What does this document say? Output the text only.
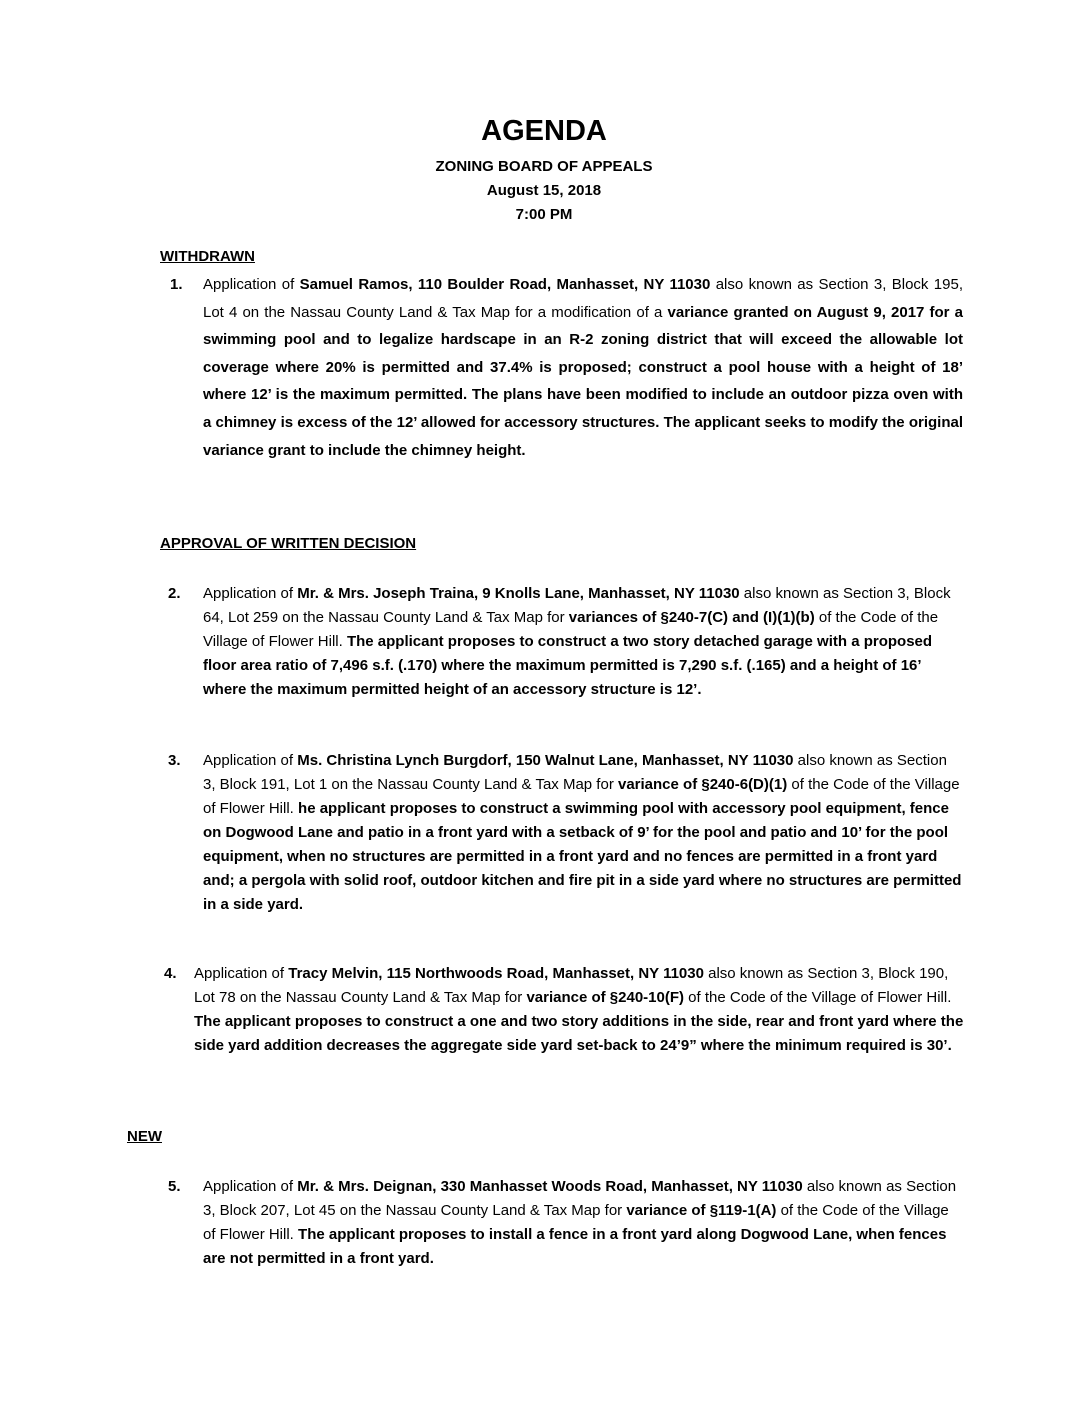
AGENDA
ZONING BOARD OF APPEALS
August 15, 2018
7:00 PM
WITHDRAWN
1. Application of Samuel Ramos, 110 Boulder Road, Manhasset, NY 11030 also known as Section 3, Block 195, Lot 4 on the Nassau County Land & Tax Map for a modification of a variance granted on August 9, 2017 for a swimming pool and to legalize hardscape in an R-2 zoning district that will exceed the allowable lot coverage where 20% is permitted and 37.4% is proposed; construct a pool house with a height of 18’ where 12’ is the maximum permitted. The plans have been modified to include an outdoor pizza oven with a chimney is excess of the 12’ allowed for accessory structures. The applicant seeks to modify the original variance grant to include the chimney height.
APPROVAL OF WRITTEN DECISION
2. Application of Mr. & Mrs. Joseph Traina, 9 Knolls Lane, Manhasset, NY 11030 also known as Section 3, Block 64, Lot 259 on the Nassau County Land & Tax Map for variances of §240-7(C) and (I)(1)(b) of the Code of the Village of Flower Hill. The applicant proposes to construct a two story detached garage with a proposed floor area ratio of 7,496 s.f. (.170) where the maximum permitted is 7,290 s.f. (.165) and a height of 16’ where the maximum permitted height of an accessory structure is 12’.
3. Application of Ms. Christina Lynch Burgdorf, 150 Walnut Lane, Manhasset, NY 11030 also known as Section 3, Block 191, Lot 1 on the Nassau County Land & Tax Map for variance of §240-6(D)(1) of the Code of the Village of Flower Hill. he applicant proposes to construct a swimming pool with accessory pool equipment, fence on Dogwood Lane and patio in a front yard with a setback of 9’ for the pool and patio and 10’ for the pool equipment, when no structures are permitted in a front yard and no fences are permitted in a front yard and; a pergola with solid roof, outdoor kitchen and fire pit in a side yard where no structures are permitted in a side yard.
4. Application of Tracy Melvin, 115 Northwoods Road, Manhasset, NY 11030 also known as Section 3, Block 190, Lot 78 on the Nassau County Land & Tax Map for variance of §240-10(F) of the Code of the Village of Flower Hill. The applicant proposes to construct a one and two story additions in the side, rear and front yard where the side yard addition decreases the aggregate side yard set-back to 24’9” where the minimum required is 30’.
NEW
5. Application of Mr. & Mrs. Deignan, 330 Manhasset Woods Road, Manhasset, NY 11030 also known as Section 3, Block 207, Lot 45 on the Nassau County Land & Tax Map for variance of §119-1(A) of the Code of the Village of Flower Hill. The applicant proposes to install a fence in a front yard along Dogwood Lane, when fences are not permitted in a front yard.
